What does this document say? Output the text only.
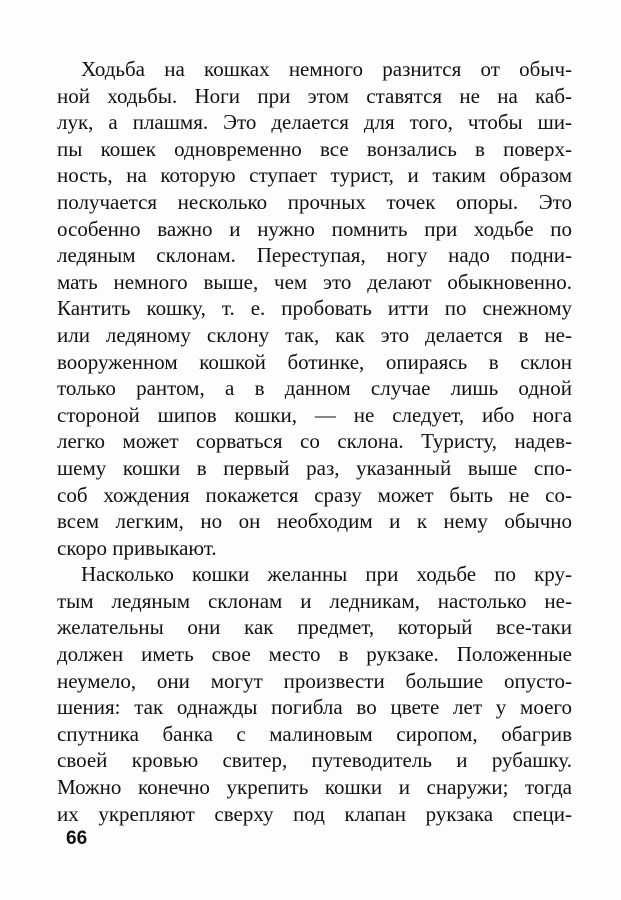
Ходьба на кошках немного разнится от обыч-
ной ходьбы. Ноги при этом ставятся не на каб-
лук, а плашмя. Это делается для того, чтобы ши-
пы кошек одновременно все вонзались в поверх-
ность, на которую ступает турист, и таким образом
получается несколько прочных точек опоры. Это
особенно важно и нужно помнить при ходьбе по
ледяным склонам. Переступая, ногу надо подни-
мать немного выше, чем это делают обыкновенно.
Кантить кошку, т. е. пробовать итти по снежному
или ледяному склону так, как это делается в не-
вооруженном кошкой ботинке, опираясь в склон
только рантом, а в данном случае лишь одной
стороной шипов кошки, — не следует, ибо нога
легко может сорваться со склона. Туристу, надев-
шему кошки в первый раз, указанный выше спо-
соб хождения покажется сразу может быть не со-
всем легким, но он необходим и к нему обычно
скоро привыкают.
Насколько кошки желанны при ходьбе по кру-
тым ледяным склонам и ледникам, настолько не-
желательны они как предмет, который все-таки
должен иметь свое место в рукзаке. Положенные
неумело, они могут произвести большие опусто-
шения: так однажды погибла во цвете лет у моего
спутника банка с малиновым сиропом, обагрив
своей кровью свитер, путеводитель и рубашку.
Можно конечно укрепить кошки и снаружи; тогда
их укрепляют сверху под клапан рукзака специ-
66
